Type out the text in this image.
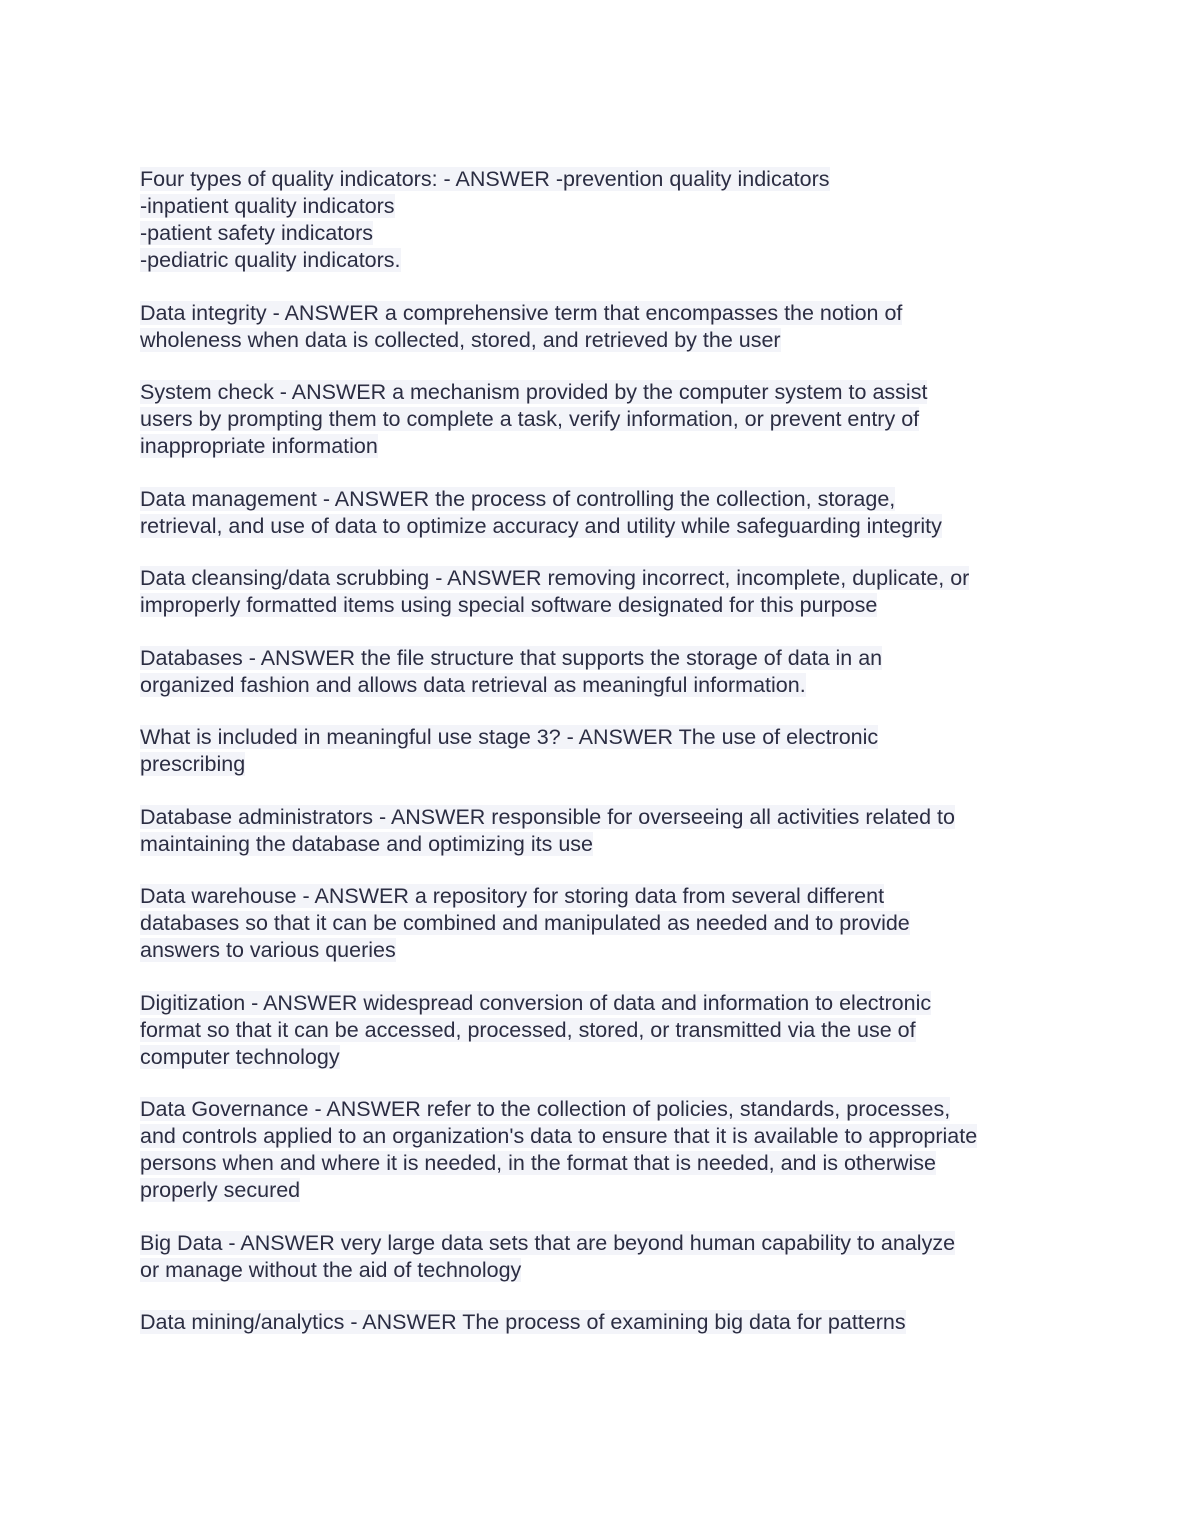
Four types of quality indicators: - ANSWER -prevention quality indicators
-inpatient quality indicators
-patient safety indicators
-pediatric quality indicators.
Data integrity - ANSWER a comprehensive term that encompasses the notion of
wholeness when data is collected, stored, and retrieved by the user
System check - ANSWER a mechanism provided by the computer system to assist
users by prompting them to complete a task, verify information, or prevent entry of
inappropriate information
Data management - ANSWER the process of controlling the collection, storage,
retrieval, and use of data to optimize accuracy and utility while safeguarding integrity
Data cleansing/data scrubbing - ANSWER removing incorrect, incomplete, duplicate, or
improperly formatted items using special software designated for this purpose
Databases - ANSWER the file structure that supports the storage of data in an
organized fashion and allows data retrieval as meaningful information.
What is included in meaningful use stage 3? - ANSWER The use of electronic
prescribing
Database administrators - ANSWER responsible for overseeing all activities related to
maintaining the database and optimizing its use
Data warehouse - ANSWER a repository for storing data from several different
databases so that it can be combined and manipulated as needed and to provide
answers to various queries
Digitization - ANSWER widespread conversion of data and information to electronic
format so that it can be accessed, processed, stored, or transmitted via the use of
computer technology
Data Governance - ANSWER refer to the collection of policies, standards, processes,
and controls applied to an organization's data to ensure that it is available to appropriate
persons when and where it is needed, in the format that is needed, and is otherwise
properly secured
Big Data - ANSWER very large data sets that are beyond human capability to analyze
or manage without the aid of technology
Data mining/analytics - ANSWER The process of examining big data for patterns
